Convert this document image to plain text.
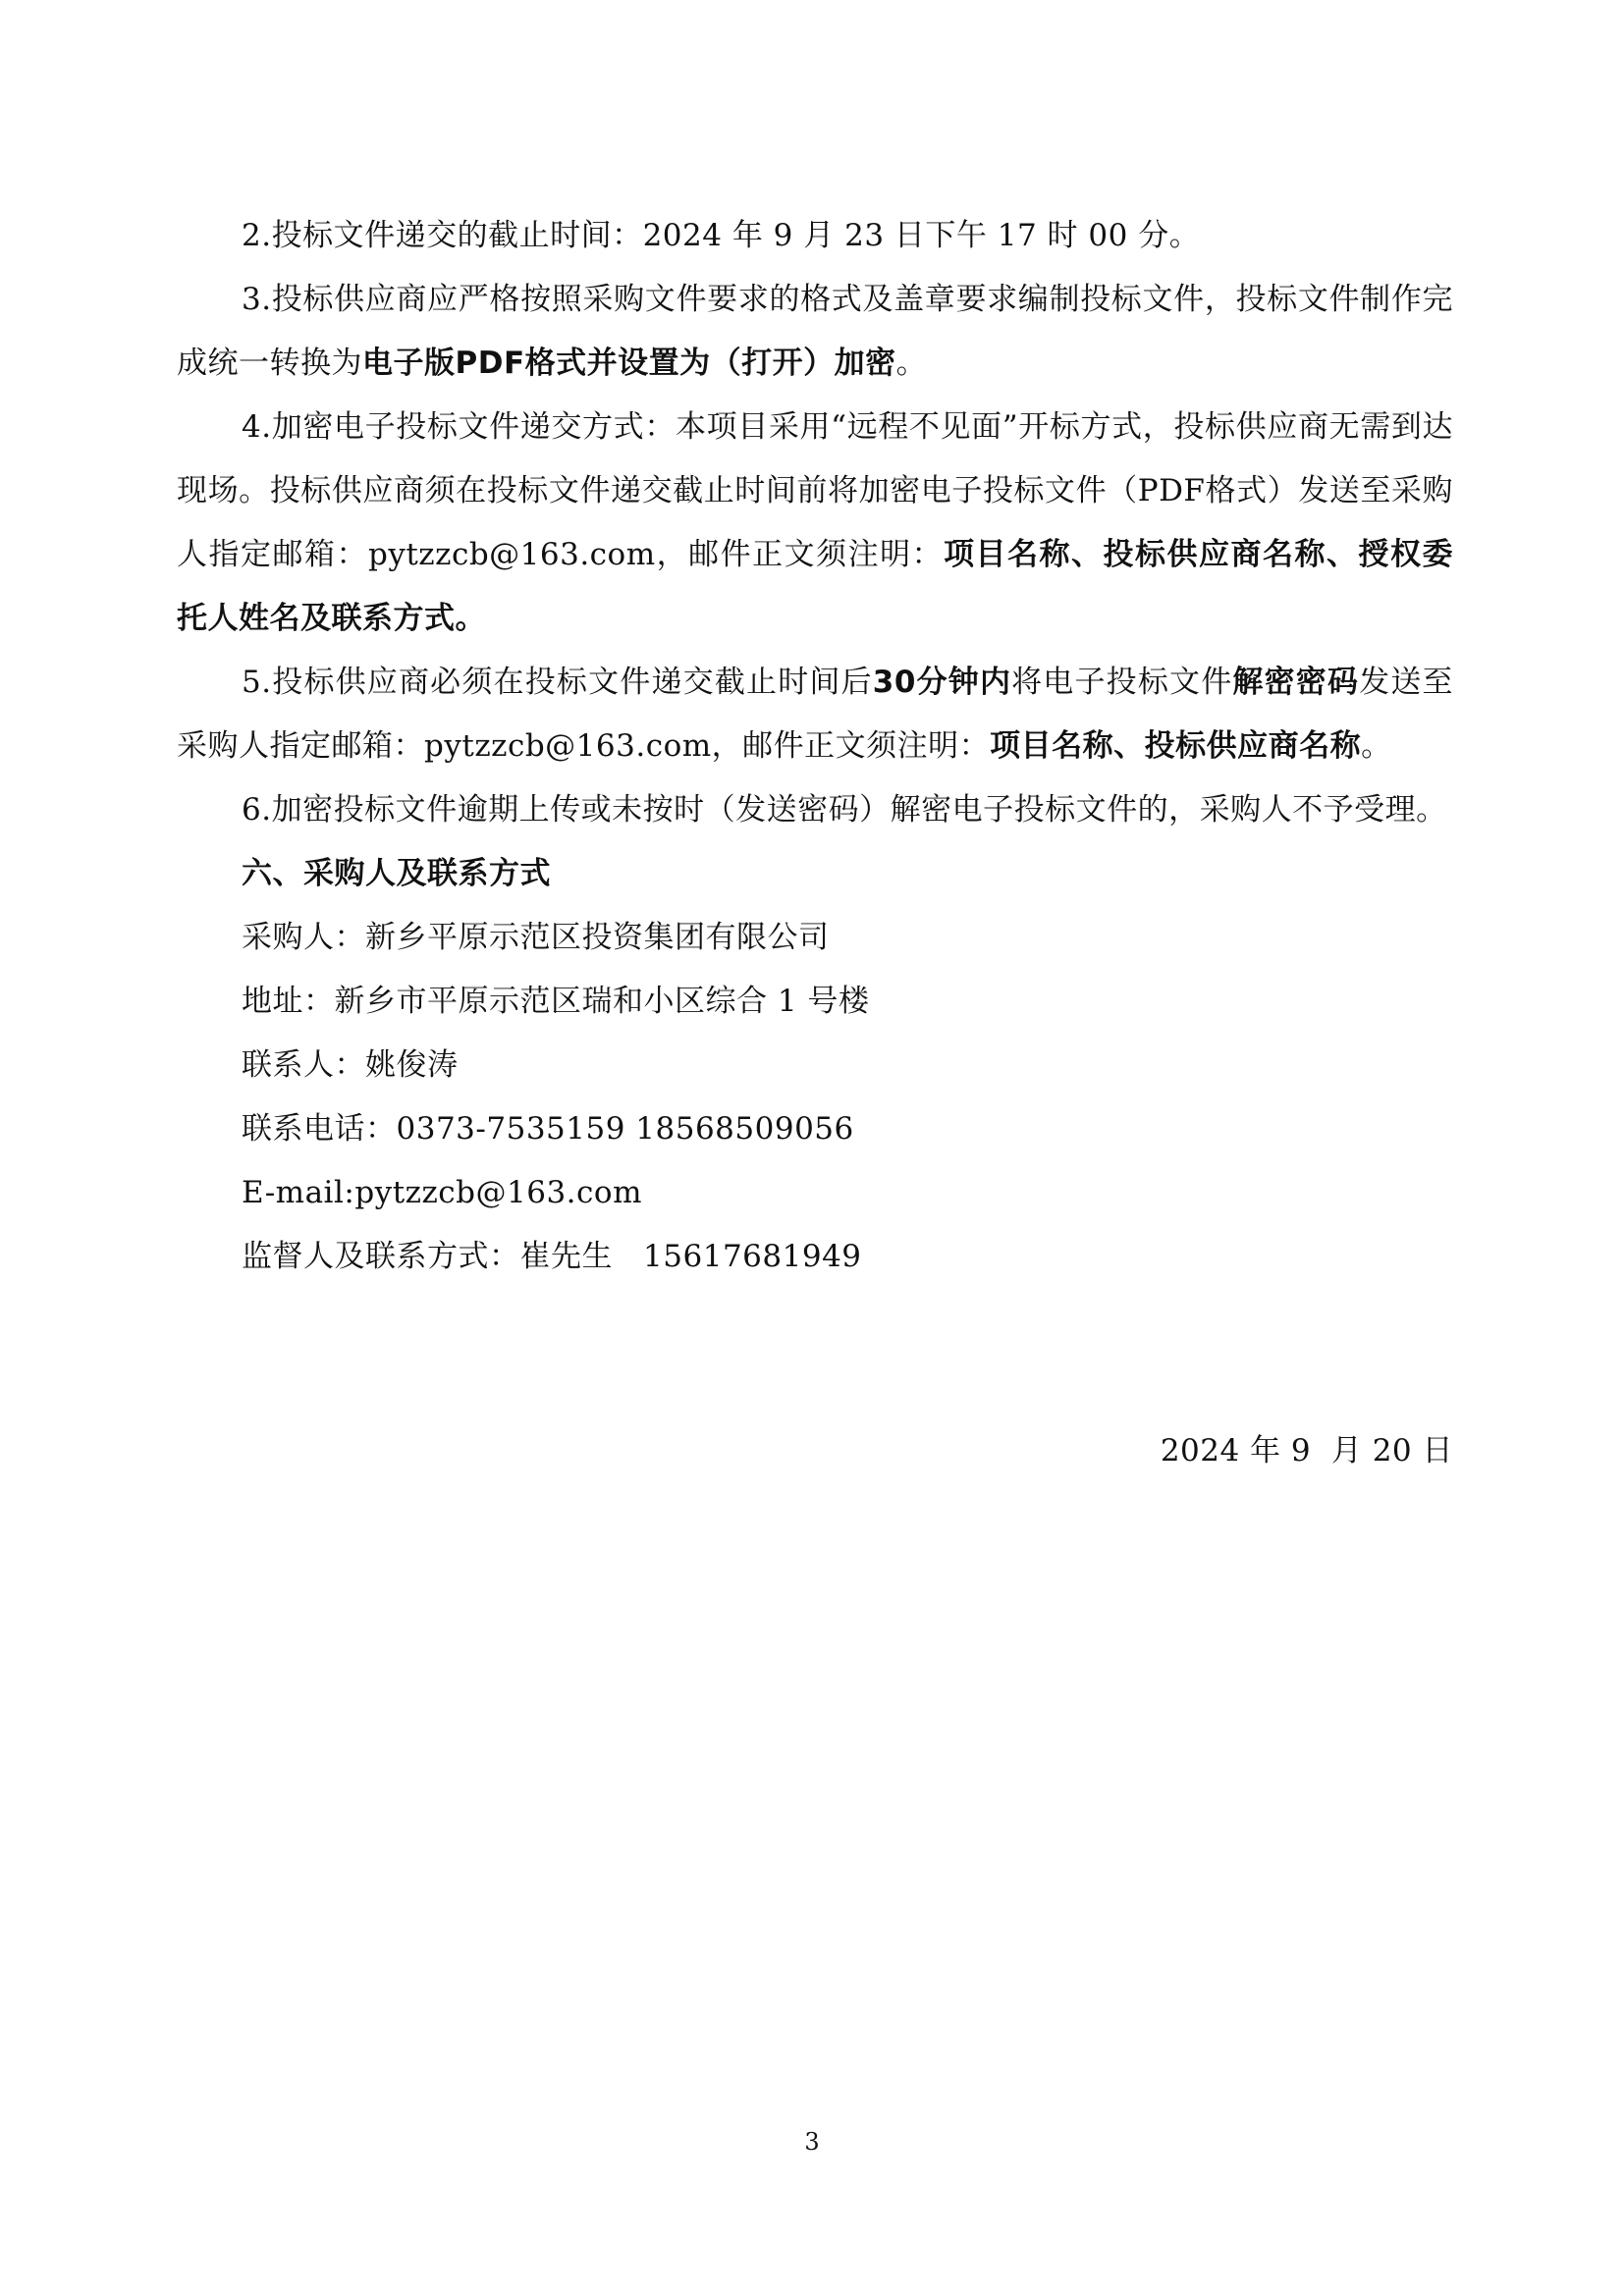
2.投标文件递交的截止时间：2024 年 9 月 23 日下午 17 时 00 分。

3.投标供应商应严格按照采购文件要求的格式及盖章要求编制投标文件，投标文件制作完成统一转换为电子版PDF格式并设置为（打开）加密。

4.加密电子投标文件递交方式：本项目采用“远程不见面”开标方式，投标供应商无需到达现场。投标供应商须在投标文件递交截止时间前将加密电子投标文件（PDF格式）发送至采购人指定邮箱：pytzzcb@163.com，邮件正文须注明：项目名称、投标供应商名称、授权委托人姓名及联系方式。

5.投标供应商必须在投标文件递交截止时间后30分钟内将电子投标文件解密密码发送至采购人指定邮箱：pytzzcb@163.com，邮件正文须注明：项目名称、投标供应商名称。

6.加密投标文件逾期上传或未按时（发送密码）解密电子投标文件的，采购人不予受理。

六、采购人及联系方式

采购人：新乡平原示范区投资集团有限公司

地址：新乡市平原示范区瑞和小区综合 1 号楼

联系人：姚俊涛

联系电话：0373-7535159 18568509056

E-mail:pytzzcb@163.com

监督人及联系方式：崔先生   15617681949

2024 年 9  月 20 日

3
